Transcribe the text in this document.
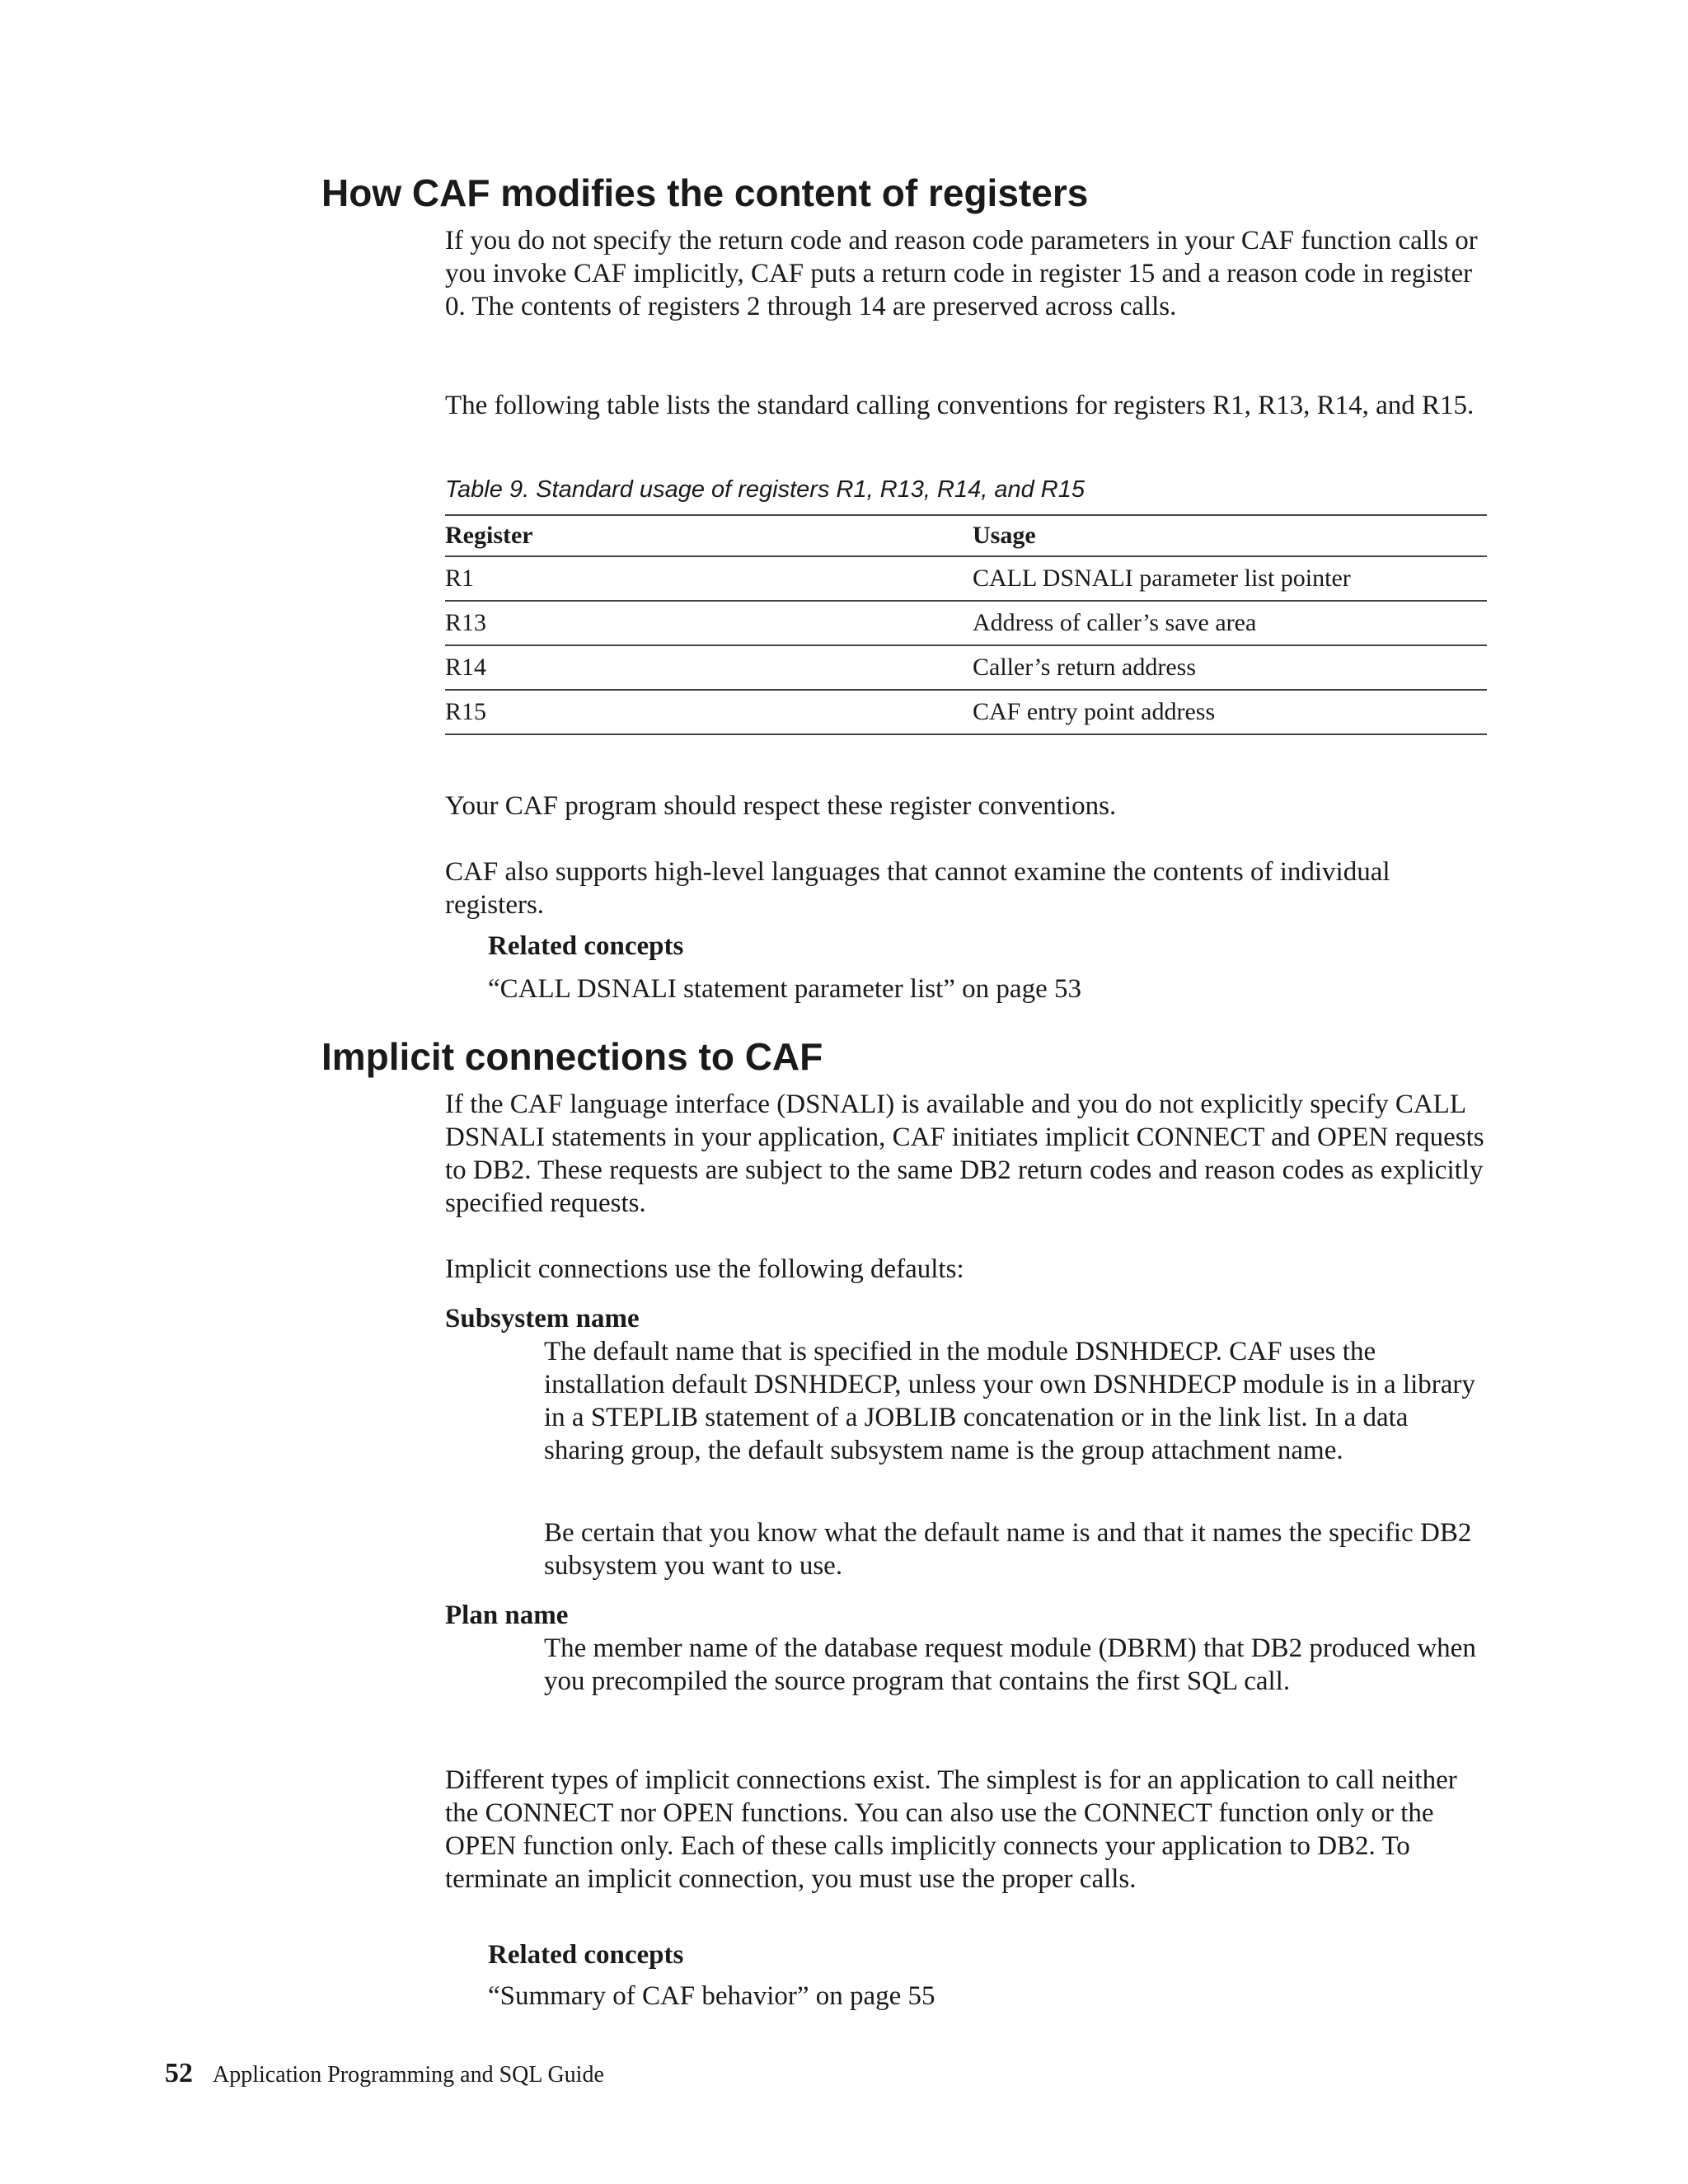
How CAF modifies the content of registers

If you do not specify the return code and reason code parameters in your CAF function calls or you invoke CAF implicitly, CAF puts a return code in register 15 and a reason code in register 0. The contents of registers 2 through 14 are preserved across calls.

The following table lists the standard calling conventions for registers R1, R13, R14, and R15.

Table 9. Standard usage of registers R1, R13, R14, and R15

Register	Usage
R1	CALL DSNALI parameter list pointer
R13	Address of caller’s save area
R14	Caller’s return address
R15	CAF entry point address

Your CAF program should respect these register conventions.

CAF also supports high-level languages that cannot examine the contents of individual registers.

Related concepts

“CALL DSNALI statement parameter list” on page 53

Implicit connections to CAF

If the CAF language interface (DSNALI) is available and you do not explicitly specify CALL DSNALI statements in your application, CAF initiates implicit CONNECT and OPEN requests to DB2. These requests are subject to the same DB2 return codes and reason codes as explicitly specified requests.

Implicit connections use the following defaults:

Subsystem name

The default name that is specified in the module DSNHDECP. CAF uses the installation default DSNHDECP, unless your own DSNHDECP module is in a library in a STEPLIB statement of a JOBLIB concatenation or in the link list. In a data sharing group, the default subsystem name is the group attachment name.

Be certain that you know what the default name is and that it names the specific DB2 subsystem you want to use.

Plan name

The member name of the database request module (DBRM) that DB2 produced when you precompiled the source program that contains the first SQL call.

Different types of implicit connections exist. The simplest is for an application to call neither the CONNECT nor OPEN functions. You can also use the CONNECT function only or the OPEN function only. Each of these calls implicitly connects your application to DB2. To terminate an implicit connection, you must use the proper calls.

Related concepts

“Summary of CAF behavior” on page 55

52 Application Programming and SQL Guide
